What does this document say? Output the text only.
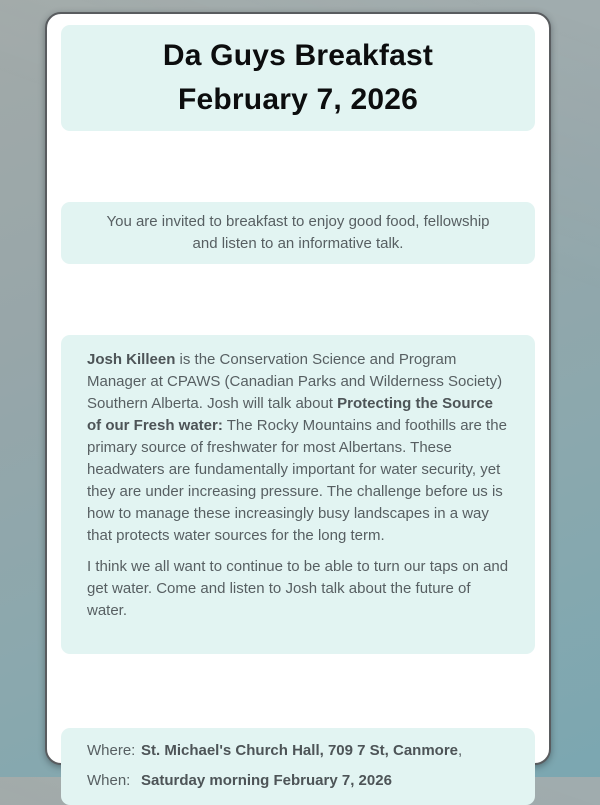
Da Guys Breakfast
February 7, 2026
You are invited to breakfast to enjoy good food, fellowship and listen to an informative talk.

Josh Killeen is the Conservation Science and Program Manager at CPAWS (Canadian Parks and Wilderness Society) Southern Alberta. Josh will talk about Protecting the Source of our Fresh water: The Rocky Mountains and foothills are the primary source of freshwater for most Albertans. These headwaters are fundamentally important for water security, yet they are under increasing pressure. The challenge before us is how to manage these increasingly busy landscapes in a way that protects water sources for the long term.

I think we all want to continue to be able to turn our taps on and get water. Come and listen to Josh talk about the future of water.

Where: St. Michael's Church Hall, 709 7 St, Canmore,
When: Saturday morning February 7, 2026
